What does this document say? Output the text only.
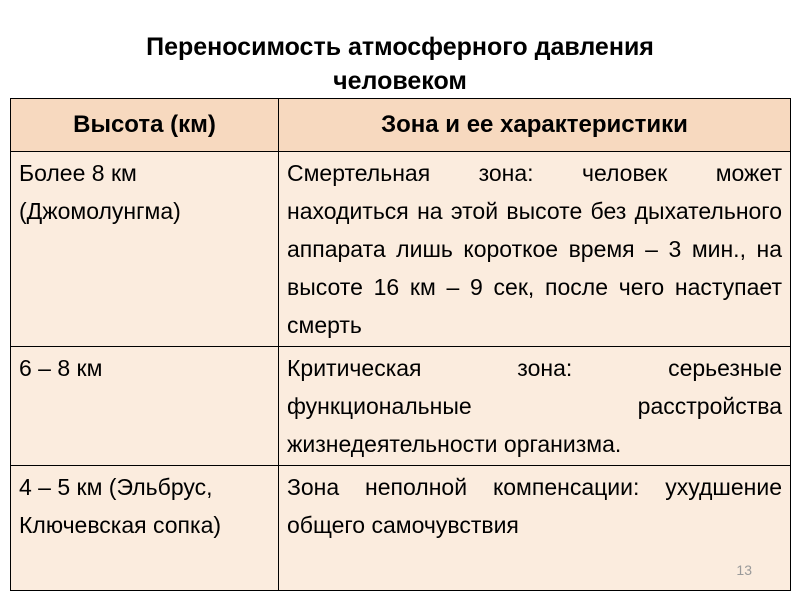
Переносимость атмосферного давления
человеком
Высота (км)	Зона и ее характеристики
Более 8 км (Джомолунгма)	Смертельная зона: человек может находиться на этой высоте без дыхательного аппарата лишь короткое время – 3 мин., на высоте 16 км – 9 сек, после чего наступает смерть
6 – 8 км	Критическая зона: серьезные функциональные расстройства жизнедеятельности организма.

4 – 5 км (Эльбрус, Ключевская сопка)	Зона неполной компенсации: ухудшение общего самочувствия
13
